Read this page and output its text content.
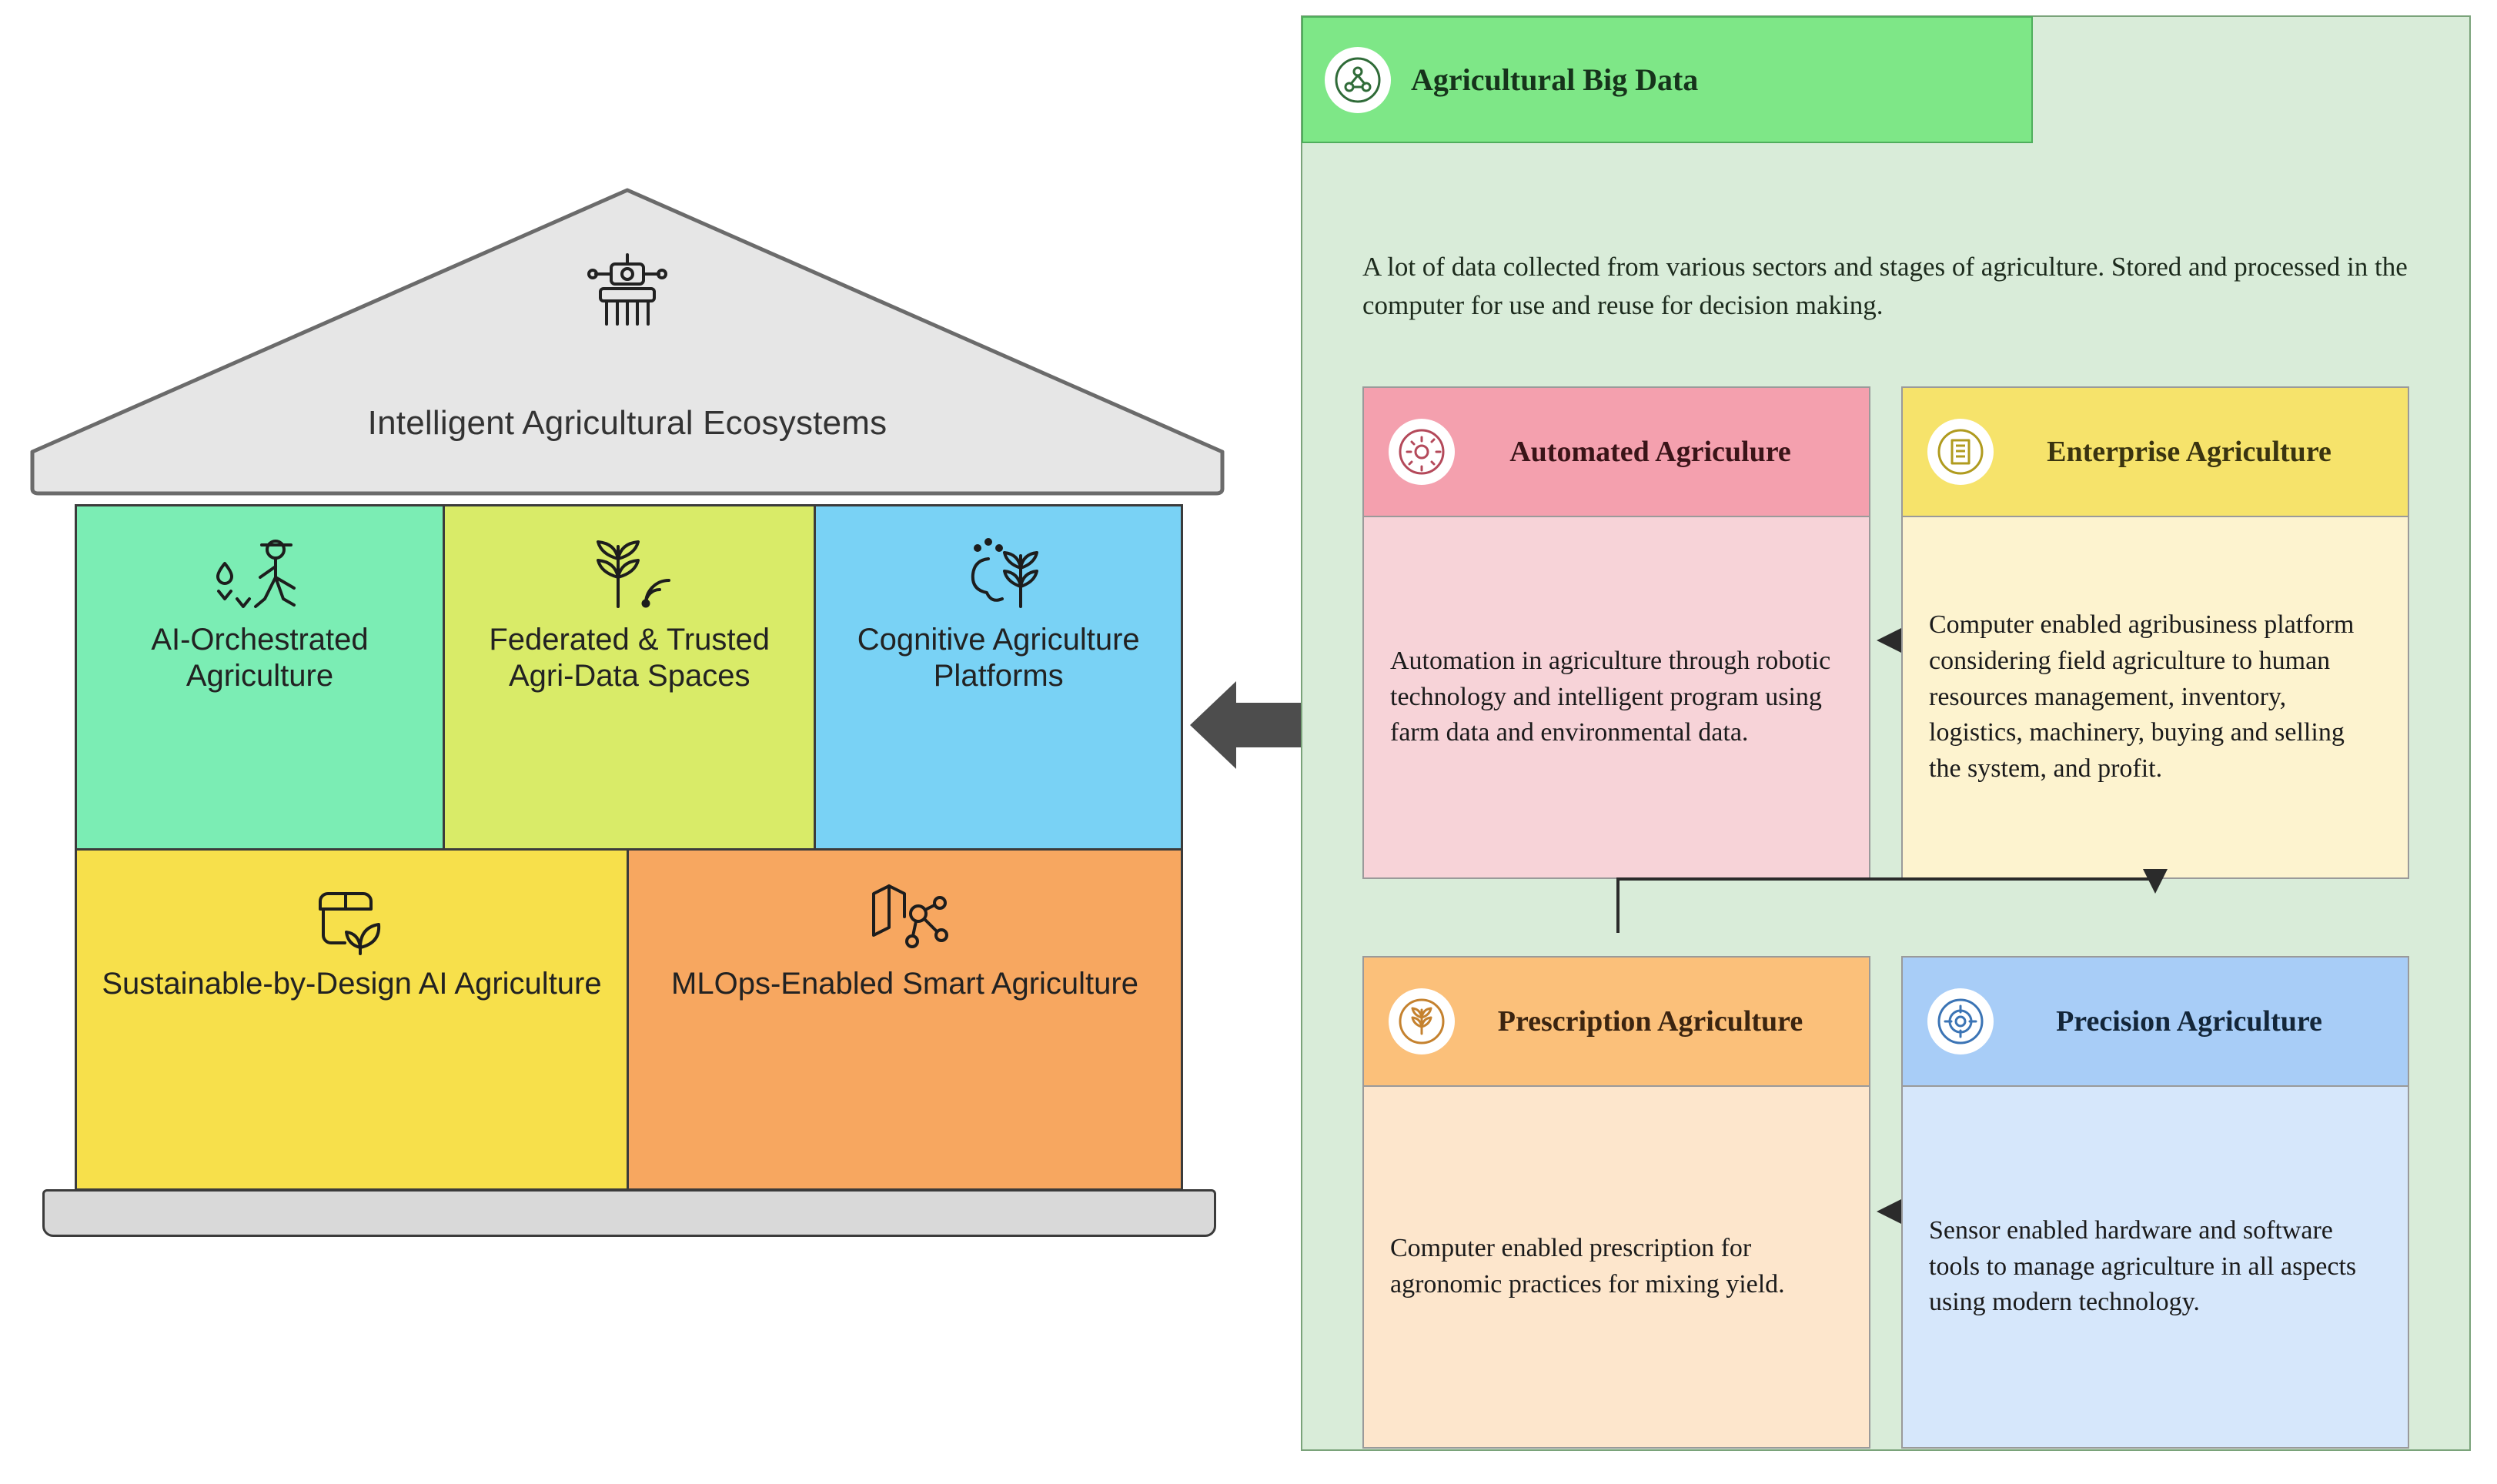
Intelligent Agricultural Ecosystems
AI-Orchestrated Agriculture
Federated & Trusted Agri-Data Spaces
Cognitive Agriculture Platforms
Sustainable-by-Design AI Agriculture	MLOps-Enabled Smart Agriculture
Agricultural Big Data
A lot of data collected from various sectors and stages of agriculture. Stored and processed in the computer for use and reuse for decision making.
Automated Agriculure
Automation in agriculture through robotic technology and intelligent program using farm data and environmental data.
Enterprise Agriculture
Computer enabled agribusiness platform considering field agriculture to human resources management, inventory, logistics, machinery, buying and selling the system, and profit.
Prescription Agriculture
Computer enabled prescription for agronomic practices for mixing yield.
Precision Agriculture
Sensor enabled hardware and software tools to manage agriculture in all aspects using modern technology.
